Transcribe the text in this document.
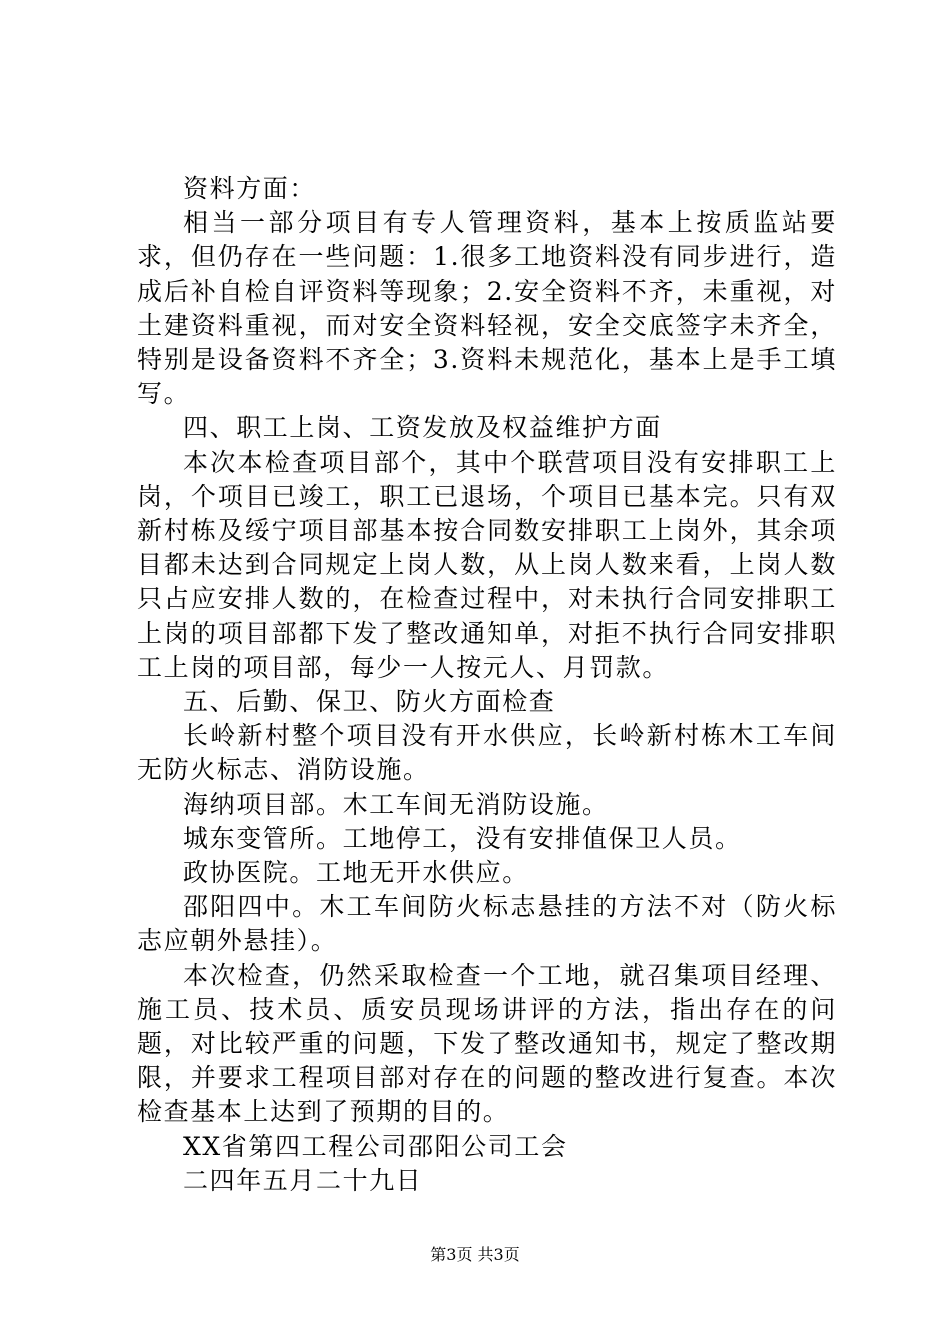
资料方面：

相当一部分项目有专人管理资料，基本上按质监站要求，但仍存在一些问题：1.很多工地资料没有同步进行，造成后补自检自评资料等现象；2.安全资料不齐，未重视，对土建资料重视，而对安全资料轻视，安全交底签字未齐全，特别是设备资料不齐全；3.资料未规范化，基本上是手工填写。

四、职工上岗、工资发放及权益维护方面

本次本检查项目部个，其中个联营项目没有安排职工上岗，个项目已竣工，职工已退场，个项目已基本完。只有双新村栋及绥宁项目部基本按合同数安排职工上岗外，其余项目都未达到合同规定上岗人数，从上岗人数来看，上岗人数只占应安排人数的，在检查过程中，对未执行合同安排职工上岗的项目部都下发了整改通知单，对拒不执行合同安排职工上岗的项目部，每少一人按元人、月罚款。

五、后勤、保卫、防火方面检查

长岭新村整个项目没有开水供应，长岭新村栋木工车间无防火标志、消防设施。

海纳项目部。木工车间无消防设施。

城东变管所。工地停工，没有安排值保卫人员。

政协医院。工地无开水供应。

邵阳四中。木工车间防火标志悬挂的方法不对（防火标志应朝外悬挂）。

本次检查，仍然采取检查一个工地，就召集项目经理、施工员、技术员、质安员现场讲评的方法，指出存在的问题，对比较严重的问题，下发了整改通知书，规定了整改期限，并要求工程项目部对存在的问题的整改进行复查。本次检查基本上达到了预期的目的。

XX省第四工程公司邵阳公司工会

二四年五月二十九日

第3页 共3页
